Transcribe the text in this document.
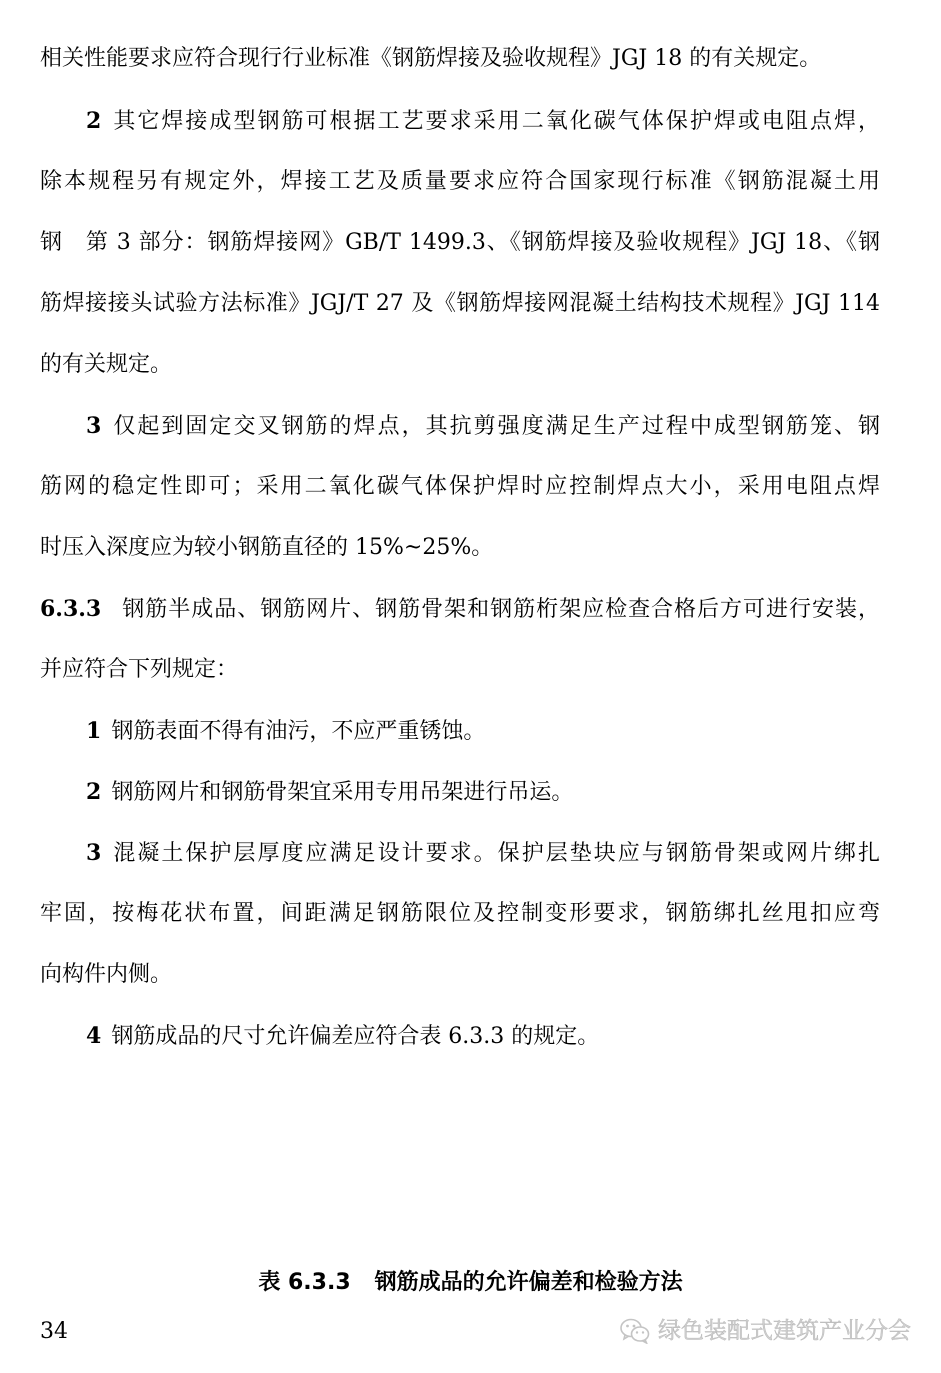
相关性能要求应符合现行行业标准《钢筋焊接及验收规程》JGJ 18 的有关规定。
2 其它焊接成型钢筋可根据工艺要求采用二氧化碳气体保护焊或电阻点焊，
除本规程另有规定外，焊接工艺及质量要求应符合国家现行标准《钢筋混凝土用
钢　第 3 部分：钢筋焊接网》GB/T 1499.3、《钢筋焊接及验收规程》JGJ 18、《钢
筋焊接接头试验方法标准》JGJ/T 27 及《钢筋焊接网混凝土结构技术规程》JGJ 114
的有关规定。
3 仅起到固定交叉钢筋的焊点，其抗剪强度满足生产过程中成型钢筋笼、钢
筋网的稳定性即可；采用二氧化碳气体保护焊时应控制焊点大小，采用电阻点焊
时压入深度应为较小钢筋直径的 15%~25%。
6.3.3 钢筋半成品、钢筋网片、钢筋骨架和钢筋桁架应检查合格后方可进行安装，
并应符合下列规定：
1 钢筋表面不得有油污，不应严重锈蚀。
2 钢筋网片和钢筋骨架宜采用专用吊架进行吊运。
3 混凝土保护层厚度应满足设计要求。保护层垫块应与钢筋骨架或网片绑扎
牢固，按梅花状布置，间距满足钢筋限位及控制变形要求，钢筋绑扎丝甩扣应弯
向构件内侧。
4 钢筋成品的尺寸允许偏差应符合表 6.3.3 的规定。
表 6.3.3 钢筋成品的允许偏差和检验方法
34	绿色装配式建筑产业分会
